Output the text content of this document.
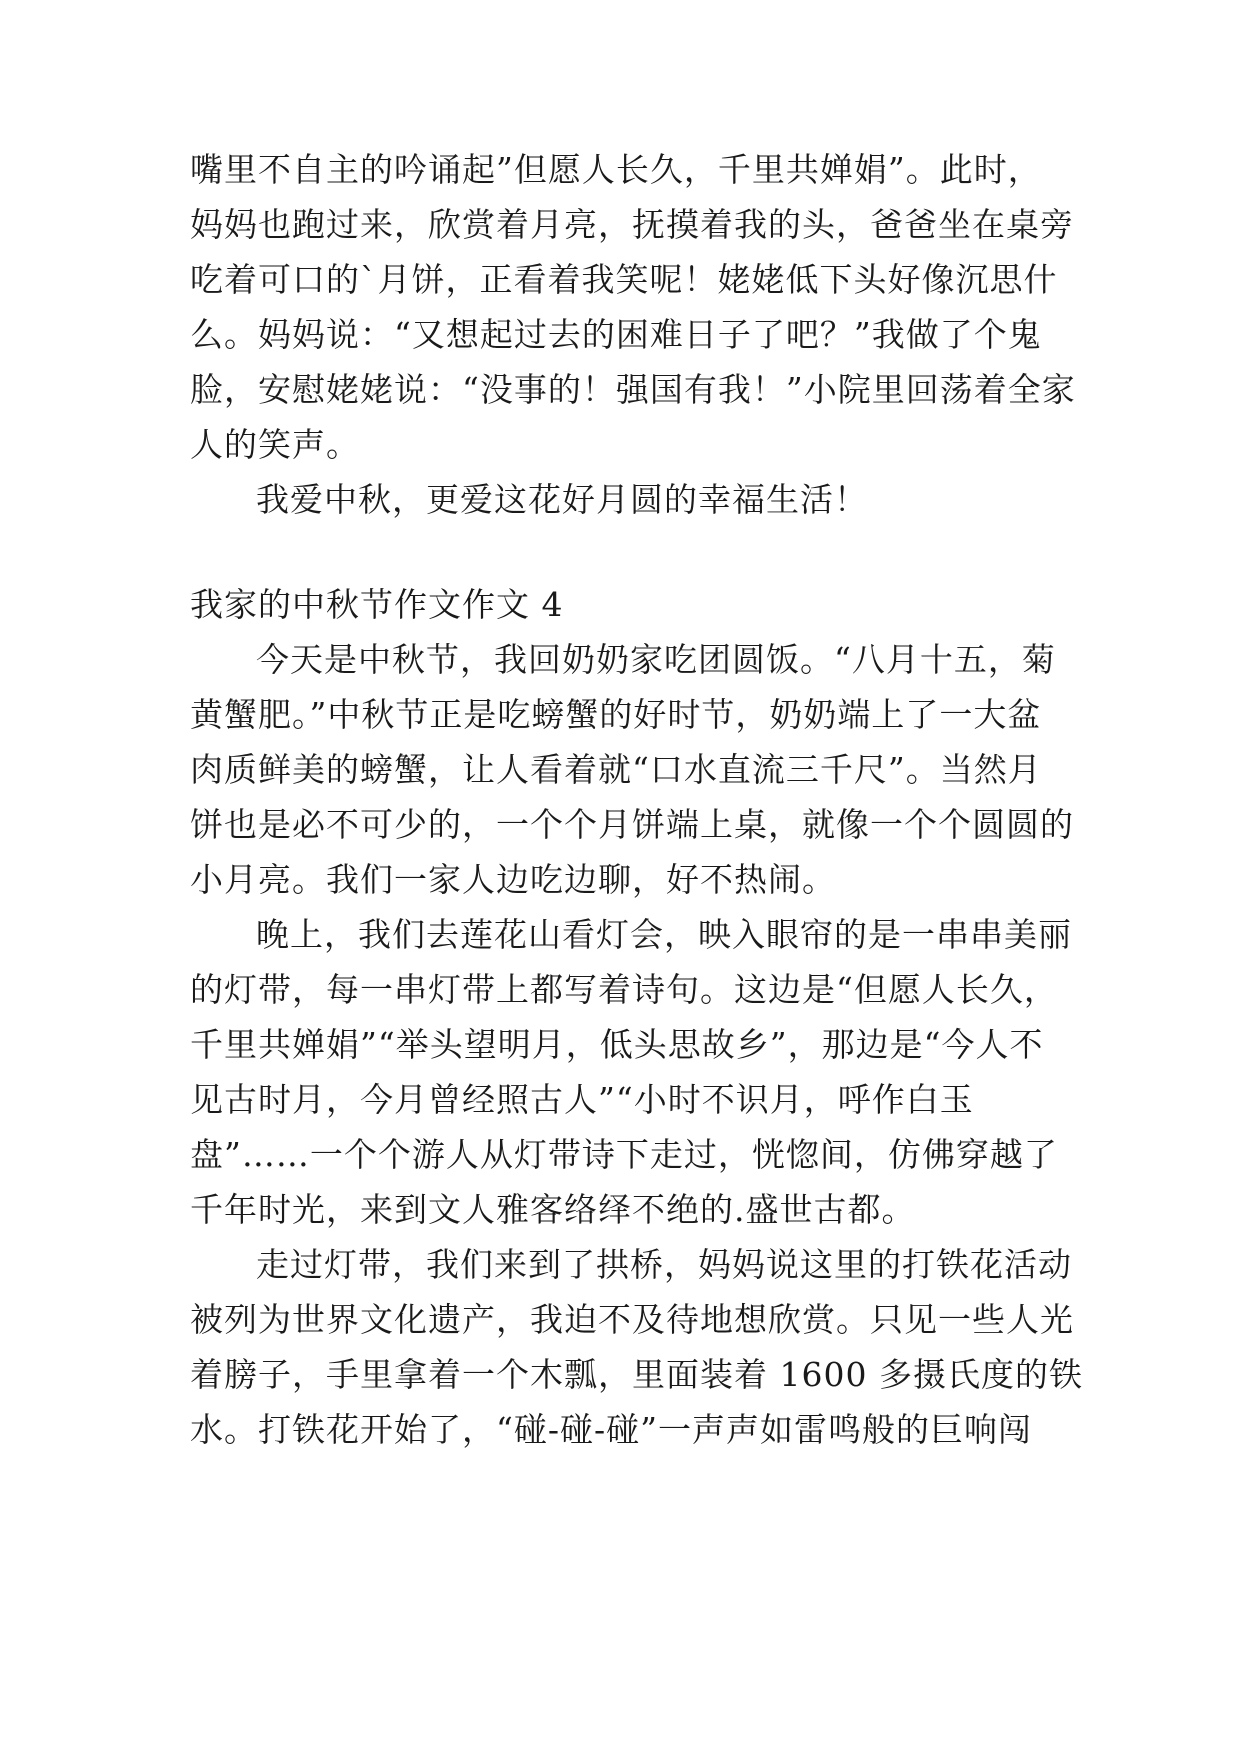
嘴里不自主的吟诵起”但愿人长久，千里共婵娟”。此时，
妈妈也跑过来，欣赏着月亮，抚摸着我的头，爸爸坐在桌旁
吃着可口的`月饼，正看着我笑呢！姥姥低下头好像沉思什
么。妈妈说：“又想起过去的困难日子了吧？”我做了个鬼
脸，安慰姥姥说：“没事的！强国有我！”小院里回荡着全家
人的笑声。
我爱中秋，更爱这花好月圆的幸福生活！
我家的中秋节作文作文 4
今天是中秋节，我回奶奶家吃团圆饭。“八月十五，菊
黄蟹肥。”中秋节正是吃螃蟹的好时节，奶奶端上了一大盆
肉质鲜美的螃蟹，让人看着就“口水直流三千尺”。当然月
饼也是必不可少的，一个个月饼端上桌，就像一个个圆圆的
小月亮。我们一家人边吃边聊，好不热闹。
晚上，我们去莲花山看灯会，映入眼帘的是一串串美丽
的灯带，每一串灯带上都写着诗句。这边是“但愿人长久，
千里共婵娟”“举头望明月，低头思故乡”，那边是“今人不
见古时月，今月曾经照古人”“小时不识月，呼作白玉
盘”……一个个游人从灯带诗下走过，恍惚间，仿佛穿越了
千年时光，来到文人雅客络绎不绝的.盛世古都。
走过灯带，我们来到了拱桥，妈妈说这里的打铁花活动
被列为世界文化遗产，我迫不及待地想欣赏。只见一些人光
着膀子，手里拿着一个木瓢，里面装着 1600 多摄氏度的铁
水。打铁花开始了，“碰-碰-碰”一声声如雷鸣般的巨响闯
